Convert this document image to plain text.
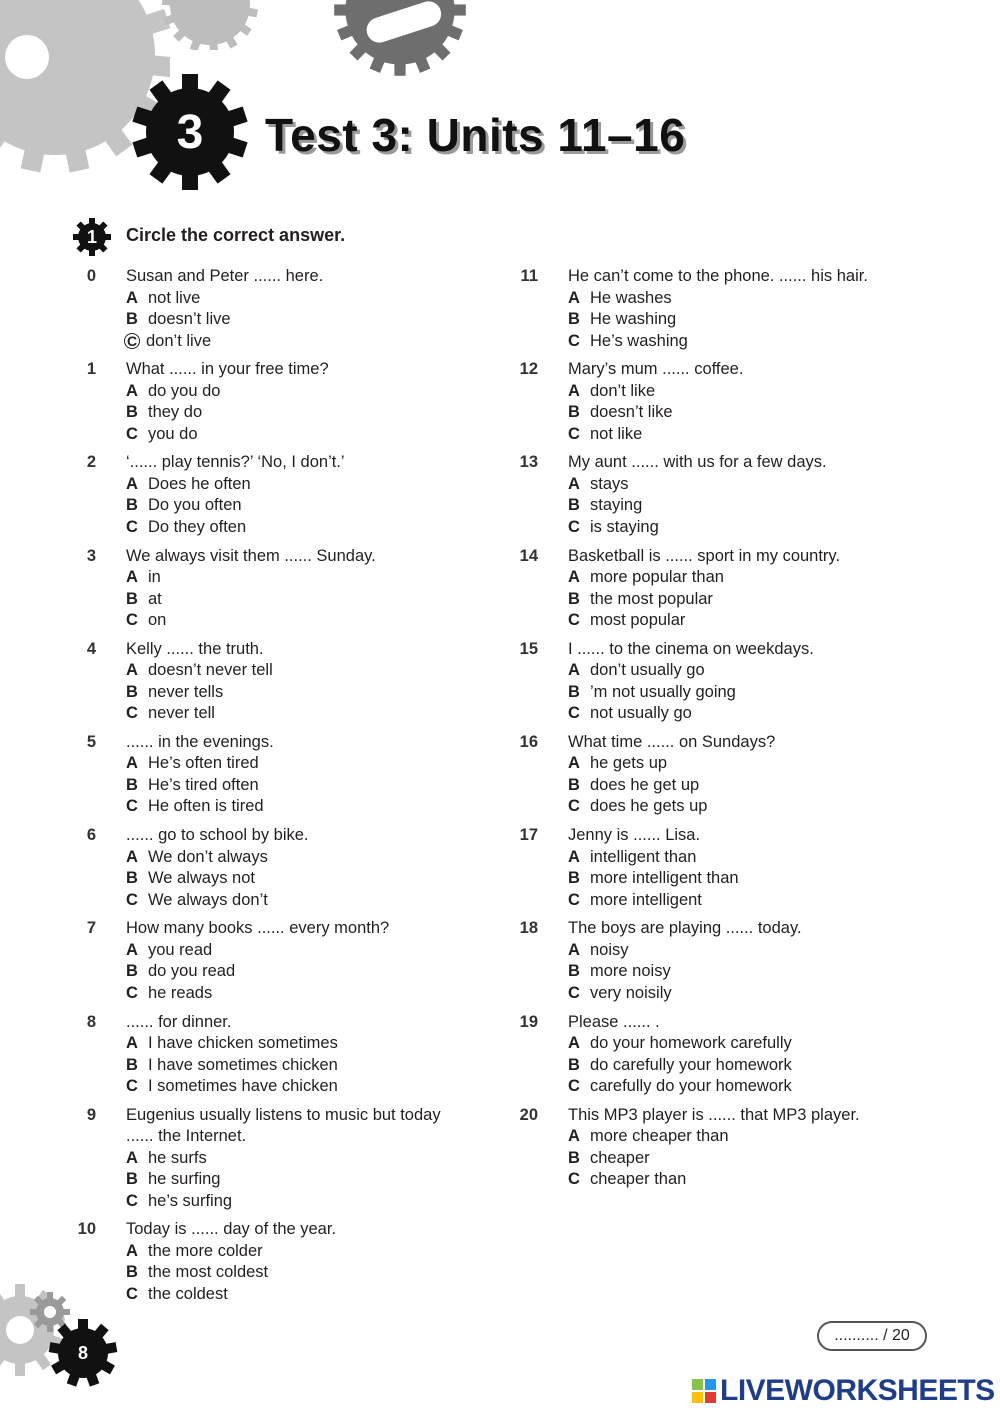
3	Test 3: Units 11–16
1	Circle the correct answer.
0 Susan and Peter ...... here.
A not live
B doesn’t live
C don’t live
1 What ...... in your free time?
A do you do
B they do
C you do
2 ‘...... play tennis?’ ‘No, I don’t.’
A Does he often
B Do you often
C Do they often
3 We always visit them ...... Sunday.
A in
B at
C on
4 Kelly ...... the truth.
A doesn’t never tell
B never tells
C never tell
5 ...... in the evenings.
A He’s often tired
B He’s tired often
C He often is tired
6 ...... go to school by bike.
A We don’t always
B We always not
C We always don’t
7 How many books ...... every month?
A you read
B do you read
C he reads
8 ...... for dinner.
A I have chicken sometimes
B I have sometimes chicken
C I sometimes have chicken
9 Eugenius usually listens to music but today
...... the Internet.
A he surfs
B he surfing
C he’s surfing
10 Today is ...... day of the year.
A the more colder
B the most coldest
C the coldest
11 He can’t come to the phone. ...... his hair.
A He washes
B He washing
C He’s washing
12 Mary’s mum ...... coffee.
A don’t like
B doesn’t like
C not like
13 My aunt ...... with us for a few days.
A stays
B staying
C is staying
14 Basketball is ...... sport in my country.
A more popular than
B the most popular
C most popular
15 I ...... to the cinema on weekdays.
A don’t usually go
B ’m not usually going
C not usually go
16 What time ...... on Sundays?
A he gets up
B does he get up
C does he gets up
17 Jenny is ...... Lisa.
A intelligent than
B more intelligent than
C more intelligent
18 The boys are playing ...... today.
A noisy
B more noisy
C very noisily
19 Please ...... .
A do your homework carefully
B do carefully your homework
C carefully do your homework
20 This MP3 player is ...... that MP3 player.
A more cheaper than
B cheaper
C cheaper than
8
.......... / 20
LIVEWORKSHEETS
